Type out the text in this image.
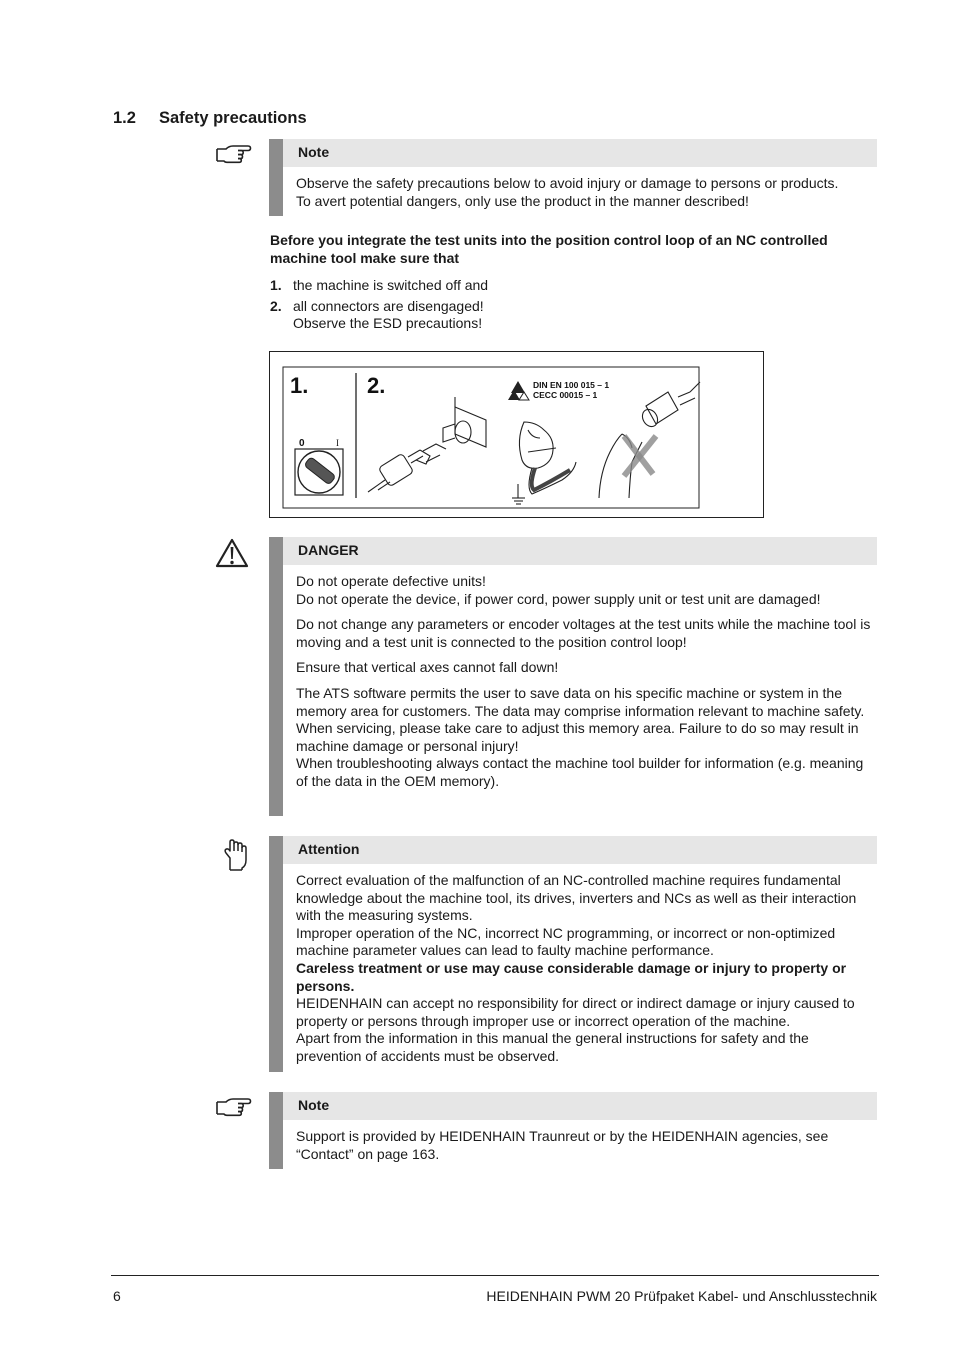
1.2 Safety precautions
Note

Observe the safety precautions below to avoid injury or damage to persons or products.

To avert potential dangers, only use the product in the manner described!
Before you integrate the test units into the position control loop of an NC controlled machine tool make sure that
1. the machine is switched off and
2. all connectors are disengaged!
Observe the ESD precautions!
1.	2.
0	I
DIN EN 100 015 – 1
CECC 00015 – 1
DANGER

Do not operate defective units!
Do not operate the device, if power cord, power supply unit or test unit are damaged!

Do not change any parameters or encoder voltages at the test units while the machine tool is moving and a test unit is connected to the position control loop!

Ensure that vertical axes cannot fall down!

The ATS software permits the user to save data on his specific machine or system in the memory area for customers. The data may comprise information relevant to machine safety.
When servicing, please take care to adjust this memory area. Failure to do so may result in machine damage or personal injury!
When troubleshooting always contact the machine tool builder for information (e.g. meaning of the data in the OEM memory).

Attention
Correct evaluation of the malfunction of an NC-controlled machine requires fundamental knowledge about the machine tool, its drives, inverters and NCs as well as their interaction with the measuring systems.
Improper operation of the NC, incorrect NC programming, or incorrect or non-optimized machine parameter values can lead to faulty machine performance.
Careless treatment or use may cause considerable damage or injury to property or persons.
HEIDENHAIN can accept no responsibility for direct or indirect damage or injury caused to property or persons through improper use or incorrect operation of the machine.
Apart from the information in this manual the general instructions for safety and the prevention of accidents must be observed.
Note
Support is provided by HEIDENHAIN Traunreut or by the HEIDENHAIN agencies, see “Contact” on page 163.
6	HEIDENHAIN PWM 20 Prüfpaket Kabel- und Anschlusstechnik
